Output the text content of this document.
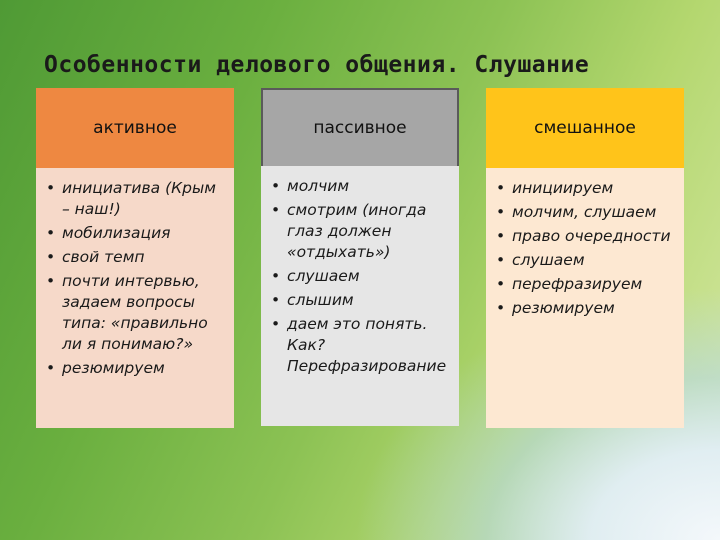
Особенности делового общения. Слушание
активное
• инициатива (Крым – наш!)
• мобилизация
• свой темп
• почти интервью, задаем вопросы типа: «правильно ли я понимаю?»
• резюмируем
пассивное
• молчим
• смотрим (иногда глаз должен «отдыхать»)
• слушаем
• слышим
• даем это понять. Как? Перефразирование
смешанное
• инициируем
• молчим, слушаем
• право очередности
• слушаем
• перефразируем
• резюмируем
